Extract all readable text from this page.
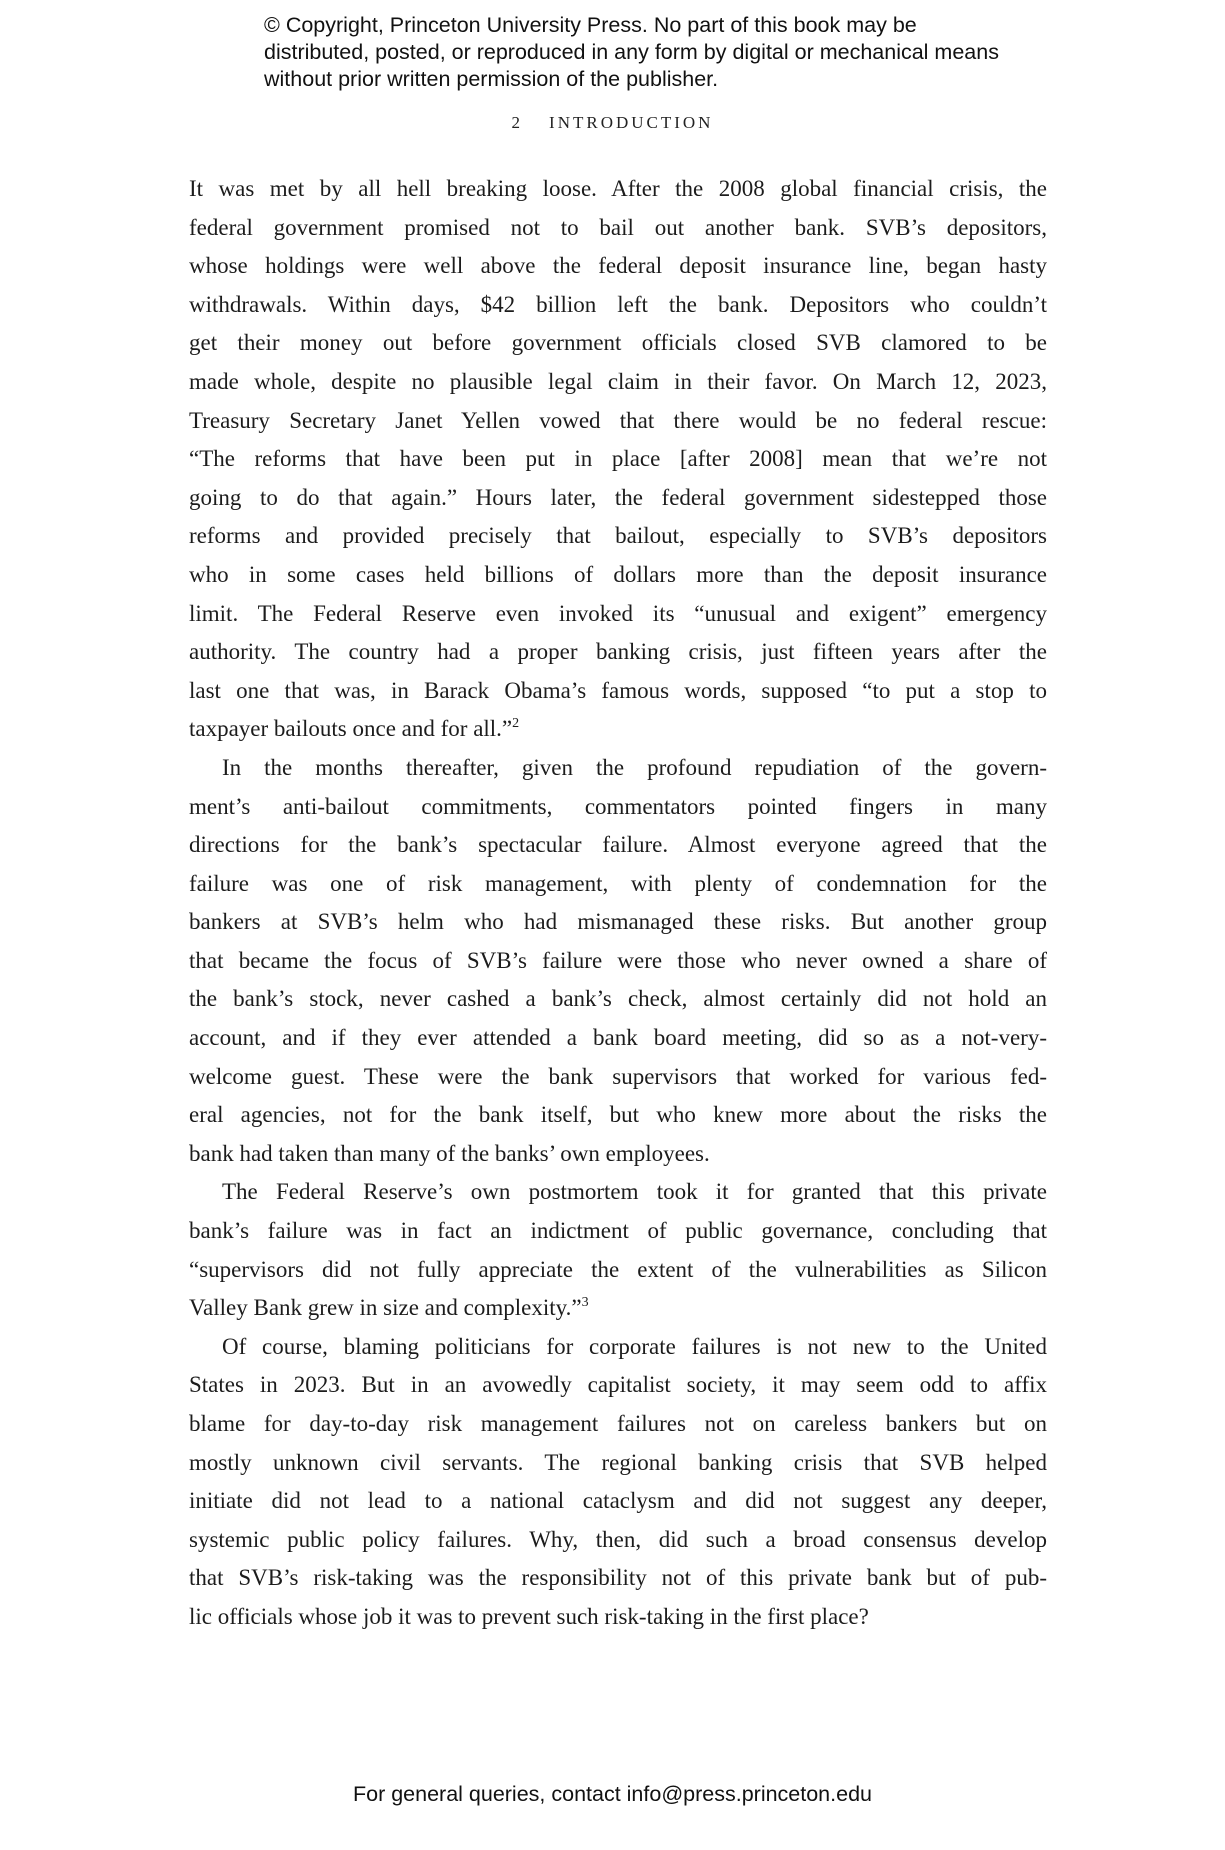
© Copyright, Princeton University Press. No part of this book may be distributed, posted, or reproduced in any form by digital or mechanical means without prior written permission of the publisher.
2 INTRODUCTION
It was met by all hell breaking loose. After the 2008 global financial crisis, the
federal government promised not to bail out another bank. SVB’s depositors,
whose holdings were well above the federal deposit insurance line, began hasty
withdrawals. Within days, $42 billion left the bank. Depositors who couldn’t
get their money out before government officials closed SVB clamored to be
made whole, despite no plausible legal claim in their favor. On March 12, 2023,
Treasury Secretary Janet Yellen vowed that there would be no federal rescue:
“The reforms that have been put in place [after 2008] mean that we’re not
going to do that again.” Hours later, the federal government sidestepped those
reforms and provided precisely that bailout, especially to SVB’s depositors
who in some cases held billions of dollars more than the deposit insurance
limit. The Federal Reserve even invoked its “unusual and exigent” emergency
authority. The country had a proper banking crisis, just fifteen years after the
last one that was, in Barack Obama’s famous words, supposed “to put a stop to
taxpayer bailouts once and for all.”$^2$
In the months thereafter, given the profound repudiation of the govern-
ment’s anti-bailout commitments, commentators pointed fingers in many
directions for the bank’s spectacular failure. Almost everyone agreed that the
failure was one of risk management, with plenty of condemnation for the
bankers at SVB’s helm who had mismanaged these risks. But another group
that became the focus of SVB’s failure were those who never owned a share of
the bank’s stock, never cashed a bank’s check, almost certainly did not hold an
account, and if they ever attended a bank board meeting, did so as a not-very-
welcome guest. These were the bank supervisors that worked for various fed-
eral agencies, not for the bank itself, but who knew more about the risks the
bank had taken than many of the banks’ own employees.
The Federal Reserve’s own postmortem took it for granted that this private
bank’s failure was in fact an indictment of public governance, concluding that
“supervisors did not fully appreciate the extent of the vulnerabilities as Silicon
Valley Bank grew in size and complexity.”$^3$
Of course, blaming politicians for corporate failures is not new to the United
States in 2023. But in an avowedly capitalist society, it may seem odd to affix
blame for day-to-day risk management failures not on careless bankers but on
mostly unknown civil servants. The regional banking crisis that SVB helped
initiate did not lead to a national cataclysm and did not suggest any deeper,
systemic public policy failures. Why, then, did such a broad consensus develop
that SVB’s risk-taking was the responsibility not of this private bank but of pub-
lic officials whose job it was to prevent such risk-taking in the first place?
For general queries, contact info@press.princeton.edu
